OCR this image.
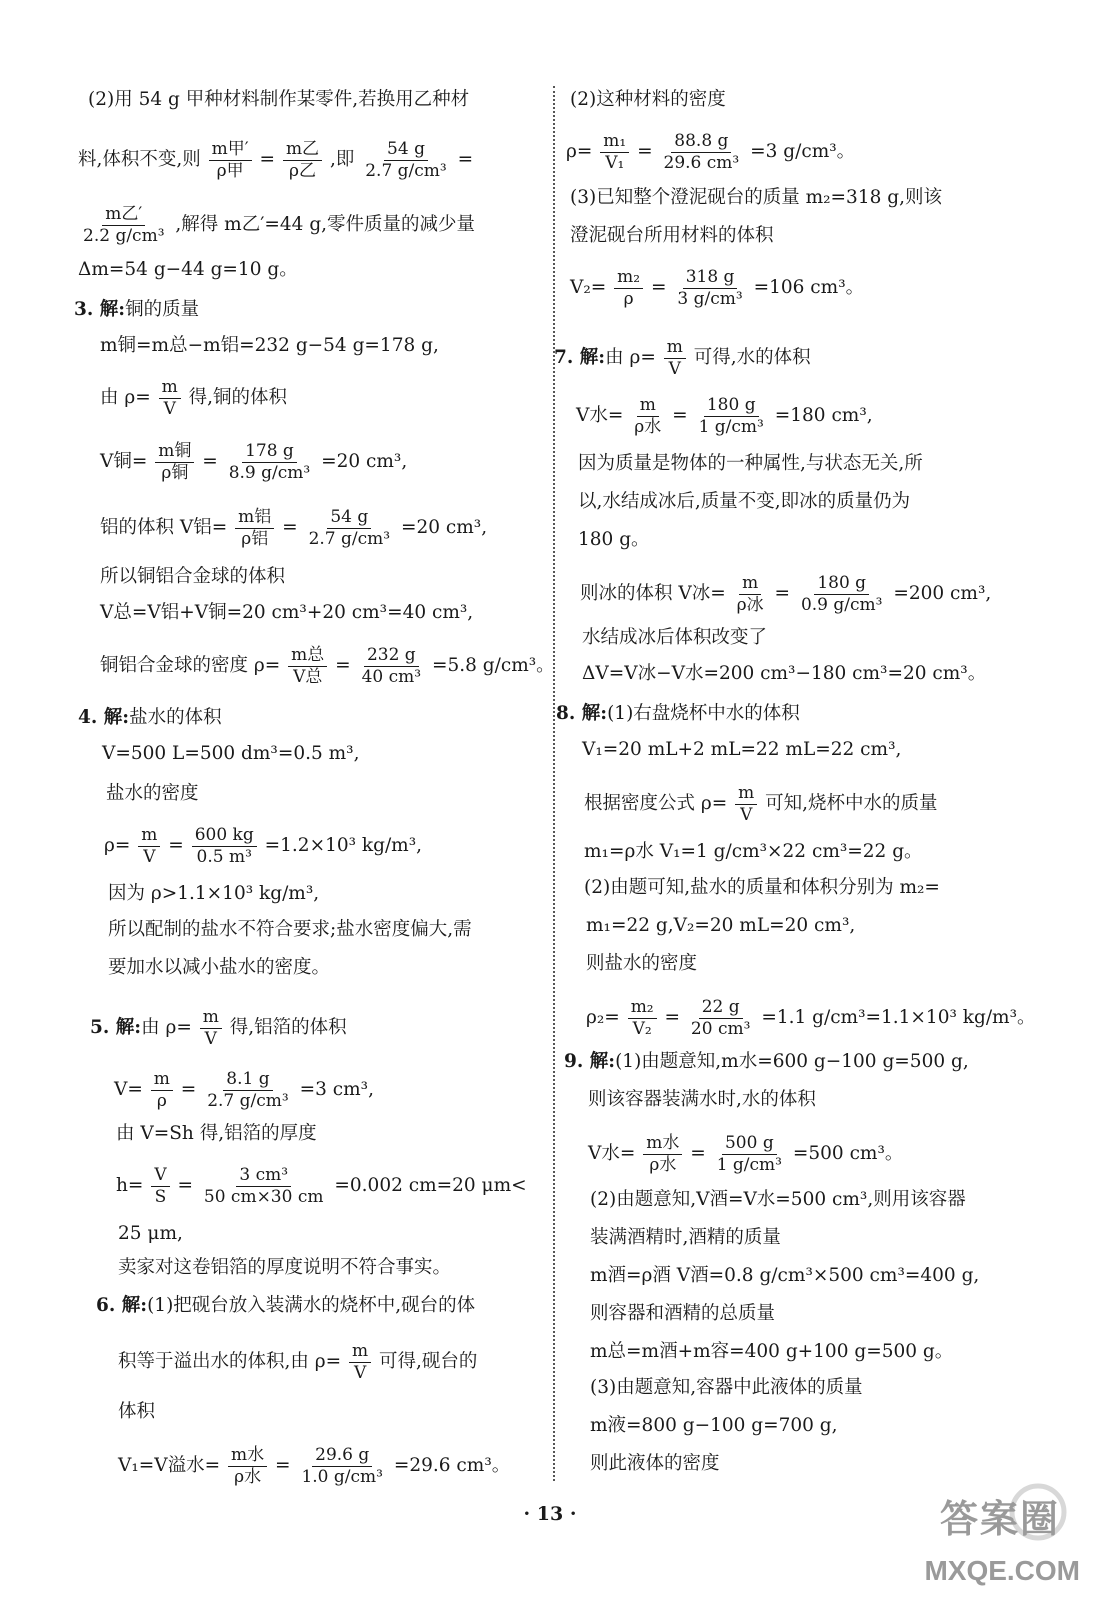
(2)用 54 g 甲种材料制作某零件,若换用乙种材
料,体积不变,则 $\frac{\text{m甲′}}{\text{ρ甲}} = \frac{\text{m乙}}{\text{ρ乙}}$ ,即 $\frac{54 g}{\text{2.7 g/cm³}}$ =
$\frac{\text{m乙′}}{\text{2.2 g/cm³}}$ ,解得 m乙′=44 g,零件质量的减少量
Δm=54 g−44 g=10 g。
3. 解:铜的质量
m铜=m总−m铝=232 g−54 g=178 g,
由 $\rho= \frac{m}{V}$ 得,铜的体积
V铜= $\frac{\text{m铜}}{\text{ρ铜}} = \frac{178 g}{\text{8.9 g/cm³}} =20$ cm³,
铝的体积 V铝= $\frac{\text{m铝}}{\text{ρ铝}} = \frac{54 g}{\text{2.7 g/cm³}} =20$ cm³,
所以铜铝合金球的体积
V总=V铝+V铜=20 cm³+20 cm³=40 cm³,
铜铝合金球的密度 $\rho= \frac{\text{m总}}{\text{V总}} = \frac{232 g}{\text{40 cm³}} =5.8$ g/cm³。
4. 解:盐水的体积
V=500 L=500 dm³=0.5 m³,
盐水的密度
$\rho= \frac{m}{V} = \frac{600 kg}{\text{0.5 m³}} =1.2\times 10^3$ kg/m³,
因为 ρ>1.1×10³ kg/m³,
所以配制的盐水不符合要求;盐水密度偏大,需
要加水以减小盐水的密度。
5. 解:由 $\rho= \frac{m}{V}$ 得,铝箔的体积
$V= \frac{m}{\rho} = \frac{8.1 g}{\text{2.7 g/cm³}} =3$ cm³,
由 V=Sh 得,铝箔的厚度
$h= \frac{V}{S} = \frac{\text{3 cm³}}{50 cm\times 30 cm} =0.002$ cm=20 μm<
25 μm,
卖家对这卷铝箔的厚度说明不符合事实。
6. 解:(1)把砚台放入装满水的烧杯中,砚台的体
积等于溢出水的体积,由 $\rho= \frac{m}{V}$ 可得,砚台的
体积
V₁=V溢水= $\frac{\text{m水}}{\text{ρ水}} = \frac{29.6 g}{\text{1.0 g/cm³}} =29.6$ cm³。
(2)这种材料的密度
$\rho= \frac{\text{m₁}}{\text{V₁}} = \frac{88.8 g}{\text{29.6 cm³}} =3$ g/cm³。
(3)已知整个澄泥砚台的质量 m₂=318 g,则该
澄泥砚台所用材料的体积
$V_2= \frac{\text{m₂}}{\rho} = \frac{318 g}{\text{3 g/cm³}} =106$ cm³。
7. 解:由 $\rho= \frac{m}{V}$ 可得,水的体积
V水= $\frac{m}{\text{ρ水}} = \frac{180 g}{\text{1 g/cm³}} =180$ cm³,
因为质量是物体的一种属性,与状态无关,所
以,水结成冰后,质量不变,即冰的质量仍为
180 g。
则冰的体积 V冰= $\frac{m}{\text{ρ冰}} = \frac{180 g}{\text{0.9 g/cm³}} =200$ cm³,
水结成冰后体积改变了
ΔV=V冰−V水=200 cm³−180 cm³=20 cm³。
8. 解:(1)右盘烧杯中水的体积
V₁=20 mL+2 mL=22 mL=22 cm³,
根据密度公式 $\rho= \frac{m}{V}$ 可知,烧杯中水的质量
m₁=ρ水 V₁=1 g/cm³×22 cm³=22 g。
(2)由题可知,盐水的质量和体积分别为 m₂=
m₁=22 g,V₂=20 mL=20 cm³,
则盐水的密度
$\rho_2= \frac{\text{m₂}}{\text{V₂}} = \frac{22 g}{\text{20 cm³}} =1.1$ g/cm³=1.1×10³ kg/m³。
9. 解:(1)由题意知,m水=600 g−100 g=500 g,
则该容器装满水时,水的体积
V水= $\frac{\text{m水}}{\text{ρ水}} = \frac{500 g}{\text{1 g/cm³}} =500$ cm³。
(2)由题意知,V酒=V水=500 cm³,则用该容器
装满酒精时,酒精的质量
m酒=ρ酒 V酒=0.8 g/cm³×500 cm³=400 g,
则容器和酒精的总质量
m总=m酒+m容=400 g+100 g=500 g。
(3)由题意知,容器中此液体的质量
m液=800 g−100 g=700 g,
则此液体的密度
· 13 ·	答案圈
MXQE.COM
